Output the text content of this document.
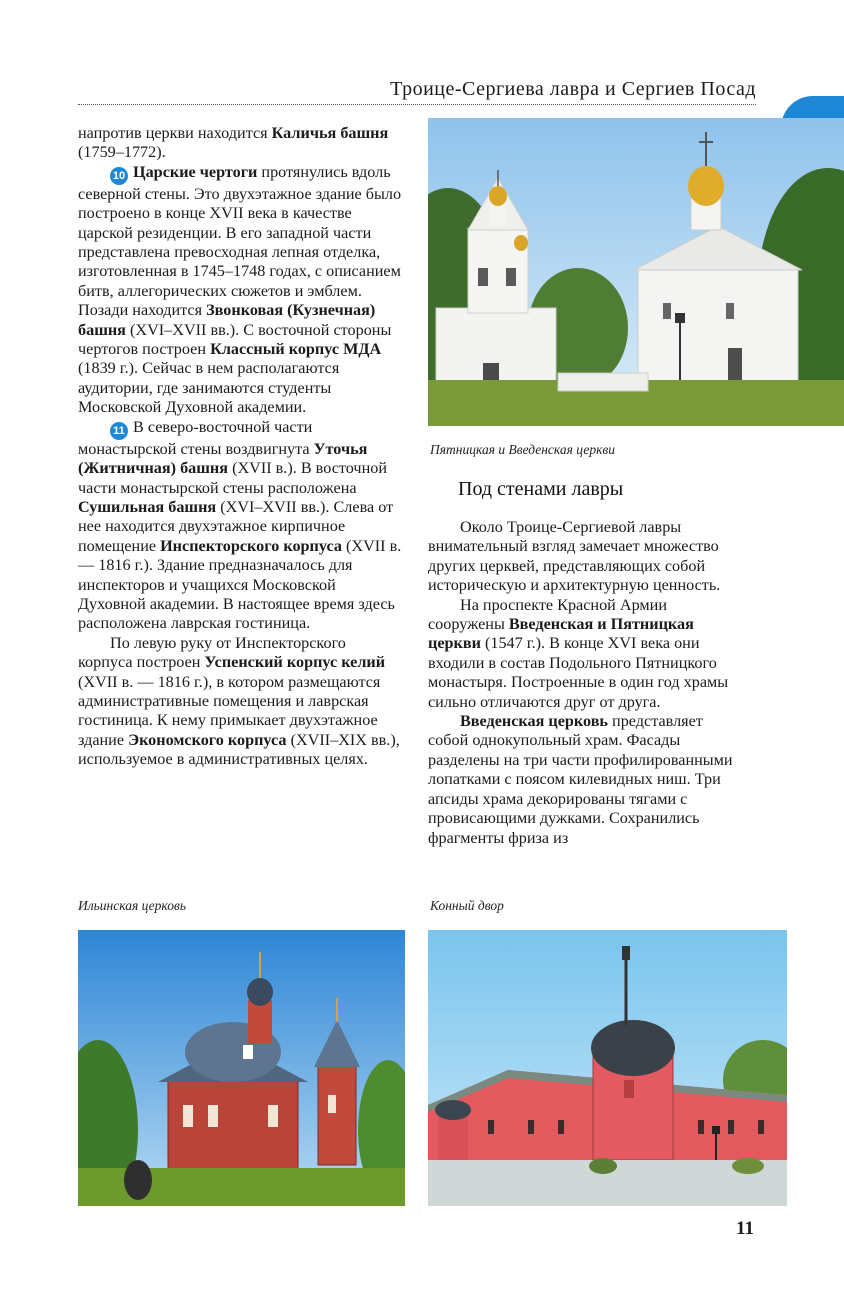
Троице-Сергиева лавра и Сергиев Посад

напротив церкви находится Каличья башня (1759–1772).

10 Царские чертоги протянулись вдоль северной стены. Это двухэтажное здание было построено в конце XVII века в качестве царской резиденции. В его западной части представлена превосходная лепная отделка, изготовленная в 1745–1748 годах, с описанием битв, аллегорических сюжетов и эмблем. Позади находится Звонковая (Кузнечная) башня (XVI–XVII вв.). С восточной стороны чертогов построен Классный корпус МДА (1839 г.). Сейчас в нем располагаются аудитории, где занимаются студенты Московской Духовной академии.

11 В северо-восточной части монастырской стены воздвигнута Уточья (Житничная) башня (XVII в.). В восточной части монастырской стены расположена Сушильная башня (XVI–XVII вв.). Слева от нее находится двухэтажное кирпичное помещение Инспекторского корпуса (XVII в. — 1816 г.). Здание предназначалось для инспекторов и учащихся Московской Духовной академии. В настоящее время здесь расположена лаврская гостиница.

По левую руку от Инспекторского корпуса построен Успенский корпус келий (XVII в. — 1816 г.), в котором размещаются административные помещения и лаврская гостиница. К нему примыкает двухэтажное здание Экономского корпуса (XVII–XIX вв.), используемое в административных целях.

Пятницкая и Введенская церкви
Под стенами лавры

Около Троице-Сергиевой лавры внимательный взгляд замечает множество других церквей, представляющих собой историческую и архитектурную ценность.

На проспекте Красной Армии сооружены Введенская и Пятницкая церкви (1547 г.). В конце XVI века они входили в состав Подольного Пятницкого монастыря. Построенные в один год храмы сильно отличаются друг от друга.

Введенская церковь представляет собой однокупольный храм. Фасады разделены на три части профилированными лопатками с поясом килевидных ниш. Три апсиды храма декорированы тягами с провисающими дужками. Сохранились фрагменты фриза из

Ильинская церковь	Конный двор
11
